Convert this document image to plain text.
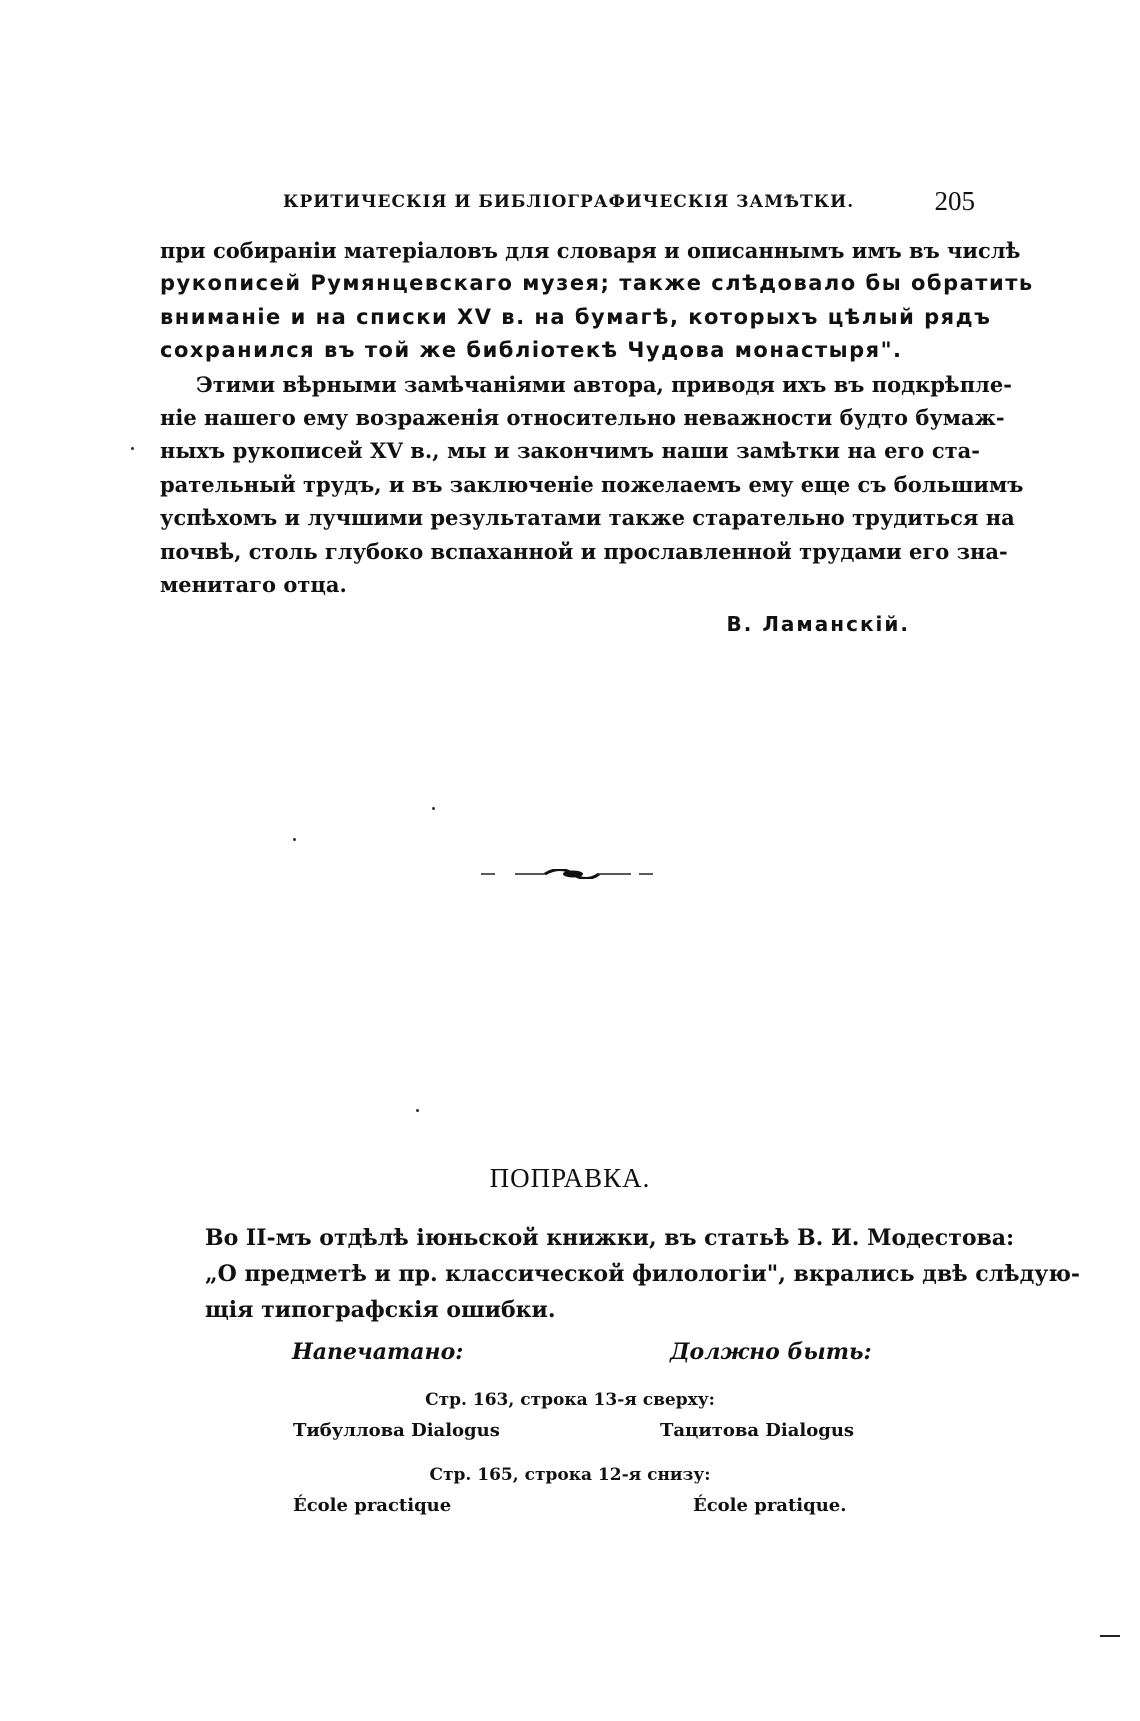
КРИТИЧЕСКІЯ И БИБЛІОГРАФИЧЕСКІЯ ЗАМѢТКИ.	205
при собираніи матеріаловъ для словаря и описаннымъ имъ въ числѣ
рукописей Румянцевскаго музея; также слѣдовало бы обратить
вниманіе и на списки XV в. на бумагѣ, которыхъ цѣлый рядъ
сохранился въ той же библіотекѣ Чудова монастыря".
Этими вѣрными замѣчаніями автора, приводя ихъ въ подкрѣпле-
ніе нашего ему возраженія относительно неважности будто бумаж-
ныхъ рукописей XV в., мы и закончимъ наши замѣтки на его ста-
рательный трудъ, и въ заключеніе пожелаемъ ему еще съ большимъ
успѣхомъ и лучшими результатами также старательно трудиться на
почвѣ, столь глубоко вспаханной и прославленной трудами его зна-
менитаго отца.
В. Ламанскій.
ПОПРАВКА.
Во II-мъ отдѣлѣ іюньской книжки, въ статьѣ В. И. Модестова:
„О предметѣ и пр. классической филологіи", вкрались двѣ слѣдую-
щія типографскія ошибки.
Напечатано:	Должно быть:
Стр. 163, строка 13-я сверху:
Тибуллова Dialogus	Тацитова Dialogus
Стр. 165, строка 12-я снизу:
École practique	École pratique.
